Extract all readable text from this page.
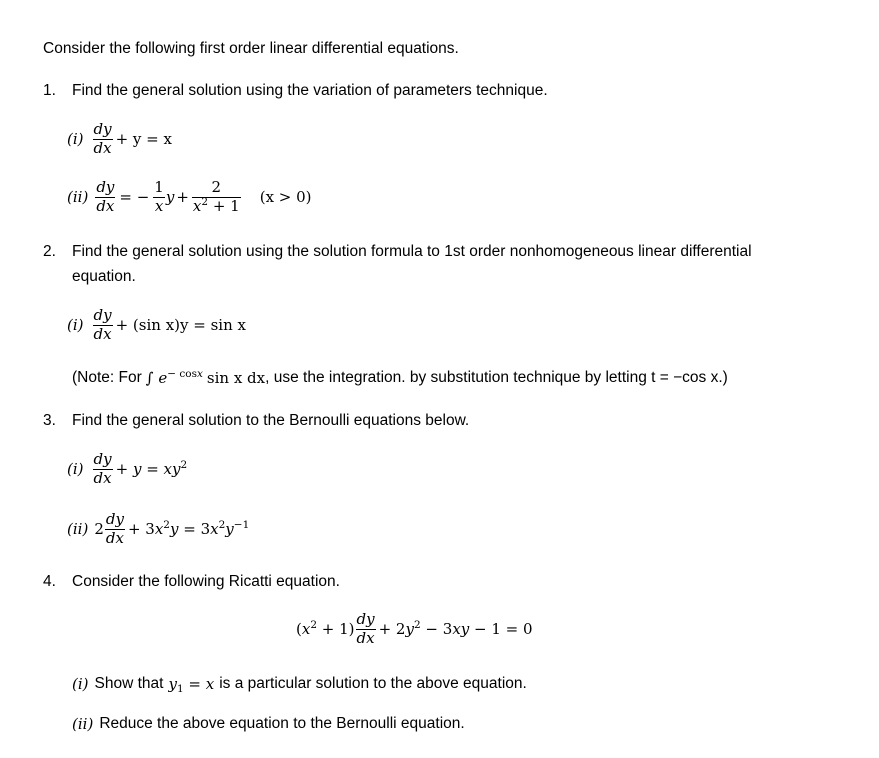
Consider the following first order linear differential equations.
1. Find the general solution using the variation of parameters technique.
$(i) \frac{dy}{dx} + y = x$
$(ii) \frac{dy}{dx}$ = − $\frac{1}{x}$ $y + \frac{2}{x^2 + 1} (x > 0)$
2. Find the general solution using the solution formula to 1st order nonhomogeneous linear differential
equation.
$(i) \frac{dy}{dx} + (\sin$ x)y = sin x
(Note: For ∫ $e^{- cosx}$ sin x dx , use the integration. by substitution technique by letting t = −cos x.)
3. Find the general solution to the Bernoulli equations below.
$(i) \frac{dy}{dx} + y = xy^2$
(ii) $2 \frac{dy}{dx} + 3x^2y = 3x^2y^{-1}$
4. Consider the following Ricatti equation.
$(x^2 + 1) \frac{dy}{dx} + 2y^2 - 3xy - 1 = 0$
(i) Show that $y_1 = x$ is a particular solution to the above equation.
(ii) Reduce the above equation to the Bernoulli equation.
